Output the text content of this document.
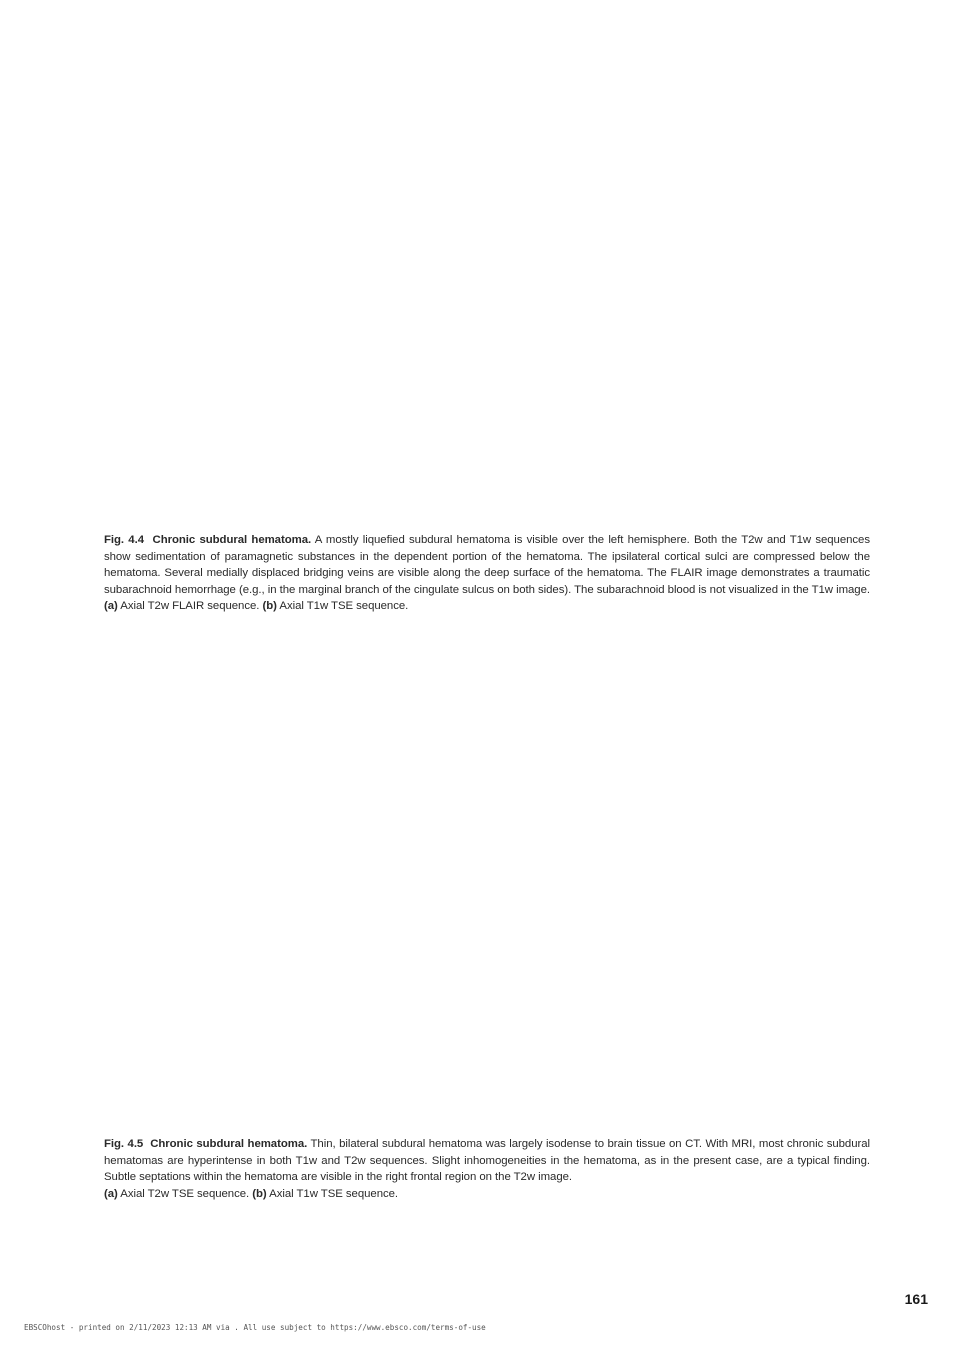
Fig. 4.4 Chronic subdural hematoma. A mostly liquefied subdural hematoma is visible over the left hemisphere. Both the T2w and T1w sequences show sedimentation of paramagnetic substances in the dependent portion of the hematoma. The ipsilateral cortical sulci are compressed below the hematoma. Several medially displaced bridging veins are visible along the deep surface of the hematoma. The FLAIR image demonstrates a traumatic subarachnoid hemorrhage (e.g., in the marginal branch of the cingulate sulcus on both sides). The subarachnoid blood is not visualized in the T1w image. (a) Axial T2w FLAIR sequence. (b) Axial T1w TSE sequence.
Fig. 4.5 Chronic subdural hematoma. Thin, bilateral subdural hematoma was largely isodense to brain tissue on CT. With MRI, most chronic subdural hematomas are hyperintense in both T1w and T2w sequences. Slight inhomogeneities in the hematoma, as in the present case, are a typical finding. Subtle septations within the hematoma are visible in the right frontal region on the T2w image.
(a) Axial T2w TSE sequence. (b) Axial T1w TSE sequence.
161
EBSCOhost - printed on 2/11/2023 12:13 AM via . All use subject to https://www.ebsco.com/terms-of-use
